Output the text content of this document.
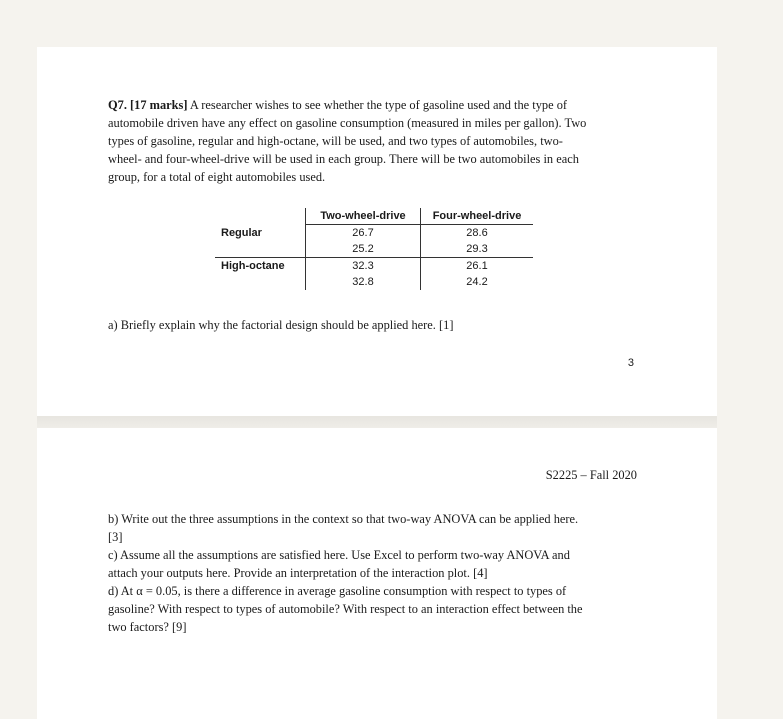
Q7. [17 marks] A researcher wishes to see whether the type of gasoline used and the type of
automobile driven have any effect on gasoline consumption (measured in miles per gallon). Two
types of gasoline, regular and high-octane, will be used, and two types of automobiles, two-
wheel- and four-wheel-drive will be used in each group. There will be two automobiles in each
group, for a total of eight automobiles used.

	Two-wheel-drive	Four-wheel-drive
Regular	26.7	28.6
	25.2	29.3
High-octane	32.3	26.1
	32.8	24.2

a) Briefly explain why the factorial design should be applied here. [1]

3
S2225 – Fall 2020

b) Write out the three assumptions in the context so that two-way ANOVA can be applied here.
[3]
c) Assume all the assumptions are satisfied here. Use Excel to perform two-way ANOVA and
attach your outputs here. Provide an interpretation of the interaction plot. [4]
d) At α = 0.05, is there a difference in average gasoline consumption with respect to types of
gasoline? With respect to types of automobile? With respect to an interaction effect between the
two factors? [9]
